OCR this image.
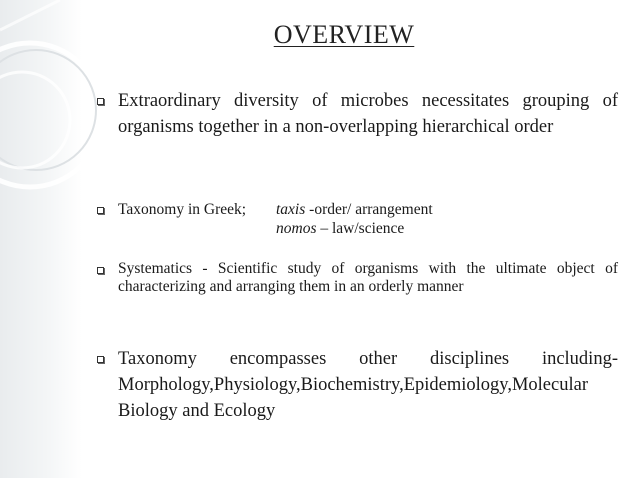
OVERVIEW
Extraordinary diversity of microbes necessitates grouping of
organisms together in a non-overlapping hierarchical order
Taxonomy in Greek; taxis -order/ arrangement
nomos – law/science
Systematics - Scientific study of organisms with the ultimate object of
characterizing and arranging them in an orderly manner
Taxonomy encompasses other disciplines including-
Morphology,Physiology,Biochemistry,Epidemiology,Molecular
Biology and Ecology
